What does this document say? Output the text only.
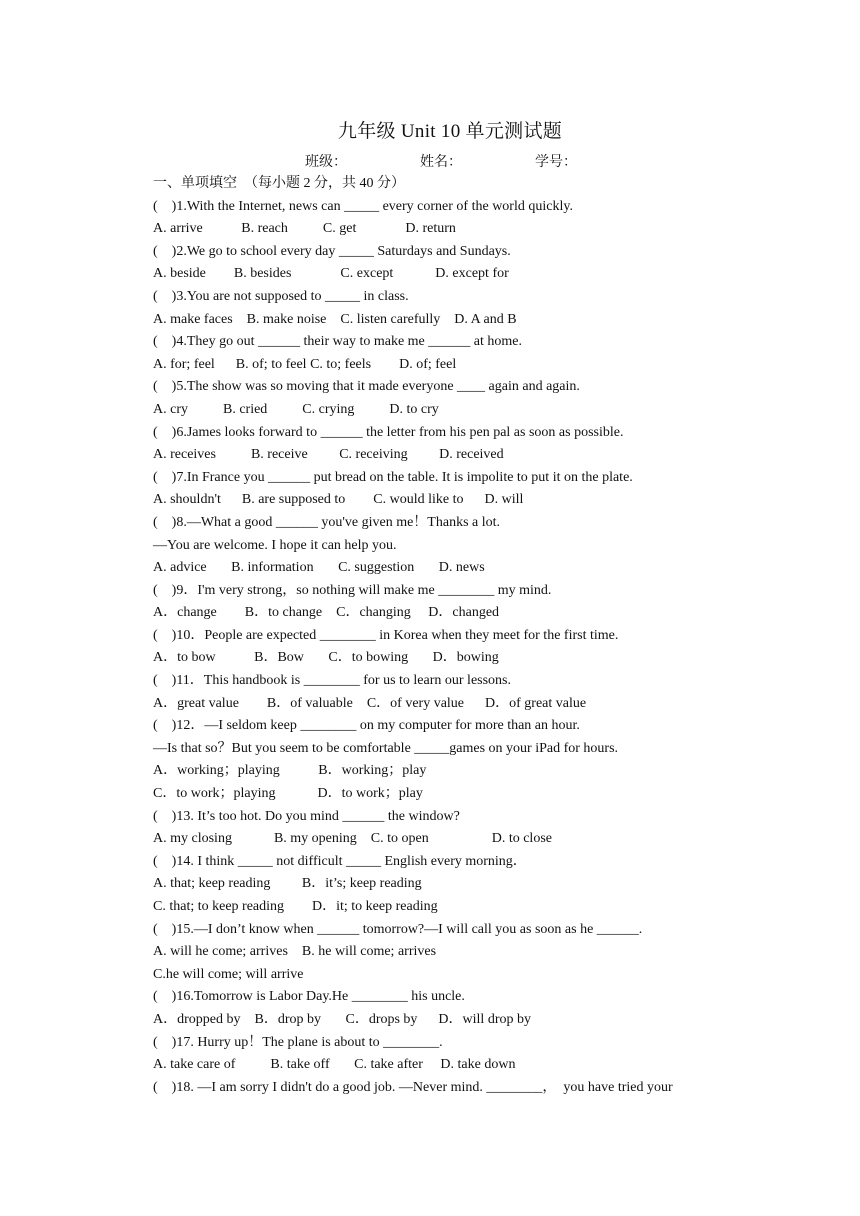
九年级 Unit 10 单元测试题
班级：	姓名：	学号：
一、单项填空  （每小题 2 分，共 40 分）
(    )1.With the Internet, news can _____ every corner of the world quickly.
A. arrive           B. reach          C. get              D. return
(    )2.We go to school every day _____ Saturdays and Sundays.
A. beside        B. besides              C. except            D. except for
(    )3.You are not supposed to _____ in class.
A. make faces    B. make noise    C. listen carefully    D. A and B
(    )4.They go out ______ their way to make me ______ at home.
A. for; feel      B. of; to feel C. to; feels        D. of; feel
(    )5.The show was so moving that it made everyone ____ again and again.
A. cry          B. cried          C. crying          D. to cry
(    )6.James looks forward to ______ the letter from his pen pal as soon as possible.
A. receives          B. receive         C. receiving         D. received
(    )7.In France you ______ put bread on the table. It is impolite to put it on the plate.
A. shouldn't      B. are supposed to        C. would like to      D. will
(    )8.—What a good ______ you've given me！Thanks a lot.
—You are welcome. I hope it can help you.
A. advice       B. information       C. suggestion       D. news
(    )9．I'm very strong，so nothing will make me ________ my mind.
A．change        B．to change    C．changing     D．changed
(    )10．People are expected ________ in Korea when they meet for the first time.
A．to bow           B．Bow       C．to bowing       D．bowing
(    )11．This handbook is ________ for us to learn our lessons.
A．great value        B．of valuable    C．of very value      D．of great value
(    )12．—I seldom keep ________ on my computer for more than an hour.
—Is that so？But you seem to be comfortable _____games on your iPad for hours.
A．working；playing           B．working；play
C．to work；playing            D．to work；play
(    )13. It’s too hot. Do you mind ______ the window?
A. my closing            B. my opening    C. to open                  D. to close
(    )14. I think _____ not difficult _____ English every morning．
A. that; keep reading         B．it’s; keep reading
C. that; to keep reading        D．it; to keep reading
(    )15.—I don’t know when ______ tomorrow?—I will call you as soon as he ______.
A. will he come; arrives    B. he will come; arrives
C.he will come; will arrive
(    )16.Tomorrow is Labor Day.He ________ his uncle.
A．dropped by    B．drop by       C．drops by      D．will drop by
(    )17. Hurry up！The plane is about to ________.
A. take care of          B. take off       C. take after     D. take down
(    )18. —I am sorry I didn't do a good job. —Never mind. ________，  you have tried your
